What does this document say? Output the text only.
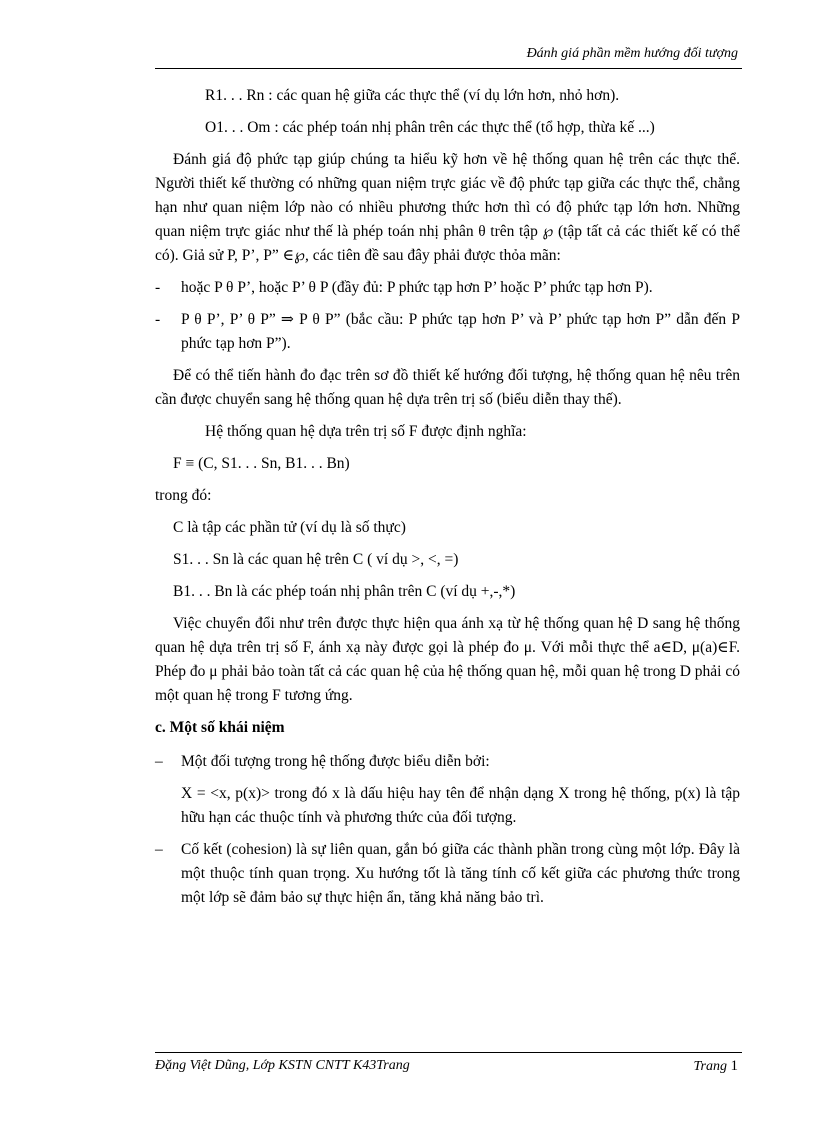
Đánh giá phần mềm hướng đối tượng
R1. . . Rn : các quan hệ giữa các thực thể (ví dụ lớn hơn, nhỏ hơn).
O1. . . Om : các phép toán nhị phân trên các thực thể (tổ hợp, thừa kế ...)
Đánh giá độ phức tạp giúp chúng ta hiểu kỹ hơn về hệ thống quan hệ trên các thực thể. Người thiết kế thường có những quan niệm trực giác về độ phức tạp giữa các thực thể, chẳng hạn như quan niệm lớp nào có nhiều phương thức hơn thì có độ phức tạp lớn hơn. Những quan niệm trực giác như thế là phép toán nhị phân θ trên tập ℘ (tập tất cả các thiết kế có thể có). Giả sử P, P’, P” ∈℘, các tiên đề sau đây phải được thỏa mãn:
-	hoặc P θ P’, hoặc P’ θ P (đầy đủ: P phức tạp hơn P’ hoặc P’ phức tạp hơn P).
-	P θ P’, P’ θ P” ⇒ P θ P” (bắc cầu: P phức tạp hơn P’ và P’ phức tạp hơn P” dẫn đến P phức tạp hơn P”).
Để có thể tiến hành đo đạc trên sơ đồ thiết kế hướng đối tượng, hệ thống quan hệ nêu trên cần được chuyển sang hệ thống quan hệ dựa trên trị số (biểu diễn thay thế).
Hệ thống quan hệ dựa trên trị số F được định nghĩa:
F ≡ (C, S1. . . Sn, B1. . . Bn)
trong đó:
C là tập các phần tử (ví dụ là số thực)
S1. . . Sn là các quan hệ trên C ( ví dụ >, <, =)
B1. . . Bn là các phép toán nhị phân trên C (ví dụ +,-,*)
Việc chuyển đổi như trên được thực hiện qua ánh xạ từ hệ thống quan hệ D sang hệ thống quan hệ dựa trên trị số F, ánh xạ này được gọi là phép đo μ. Với mỗi thực thể a∈D, μ(a)∈F. Phép đo μ phải bảo toàn tất cả các quan hệ của hệ thống quan hệ, mỗi quan hệ trong D phải có một quan hệ trong F tương ứng.
c. Một số khái niệm
–	Một đối tượng trong hệ thống được biểu diễn bởi:
X = <x, p(x)> trong đó x là dấu hiệu hay tên để nhận dạng X trong hệ thống, p(x) là tập hữu hạn các thuộc tính và phương thức của đối tượng.
–	Cố kết (cohesion) là sự liên quan, gắn bó giữa các thành phần trong cùng một lớp. Đây là một thuộc tính quan trọng. Xu hướng tốt là tăng tính cố kết giữa các phương thức trong một lớp sẽ đảm bảo sự thực hiện ẩn, tăng khả năng bảo trì.
Đặng Việt Dũng, Lớp KSTN CNTT K43Trang	Trang 1
